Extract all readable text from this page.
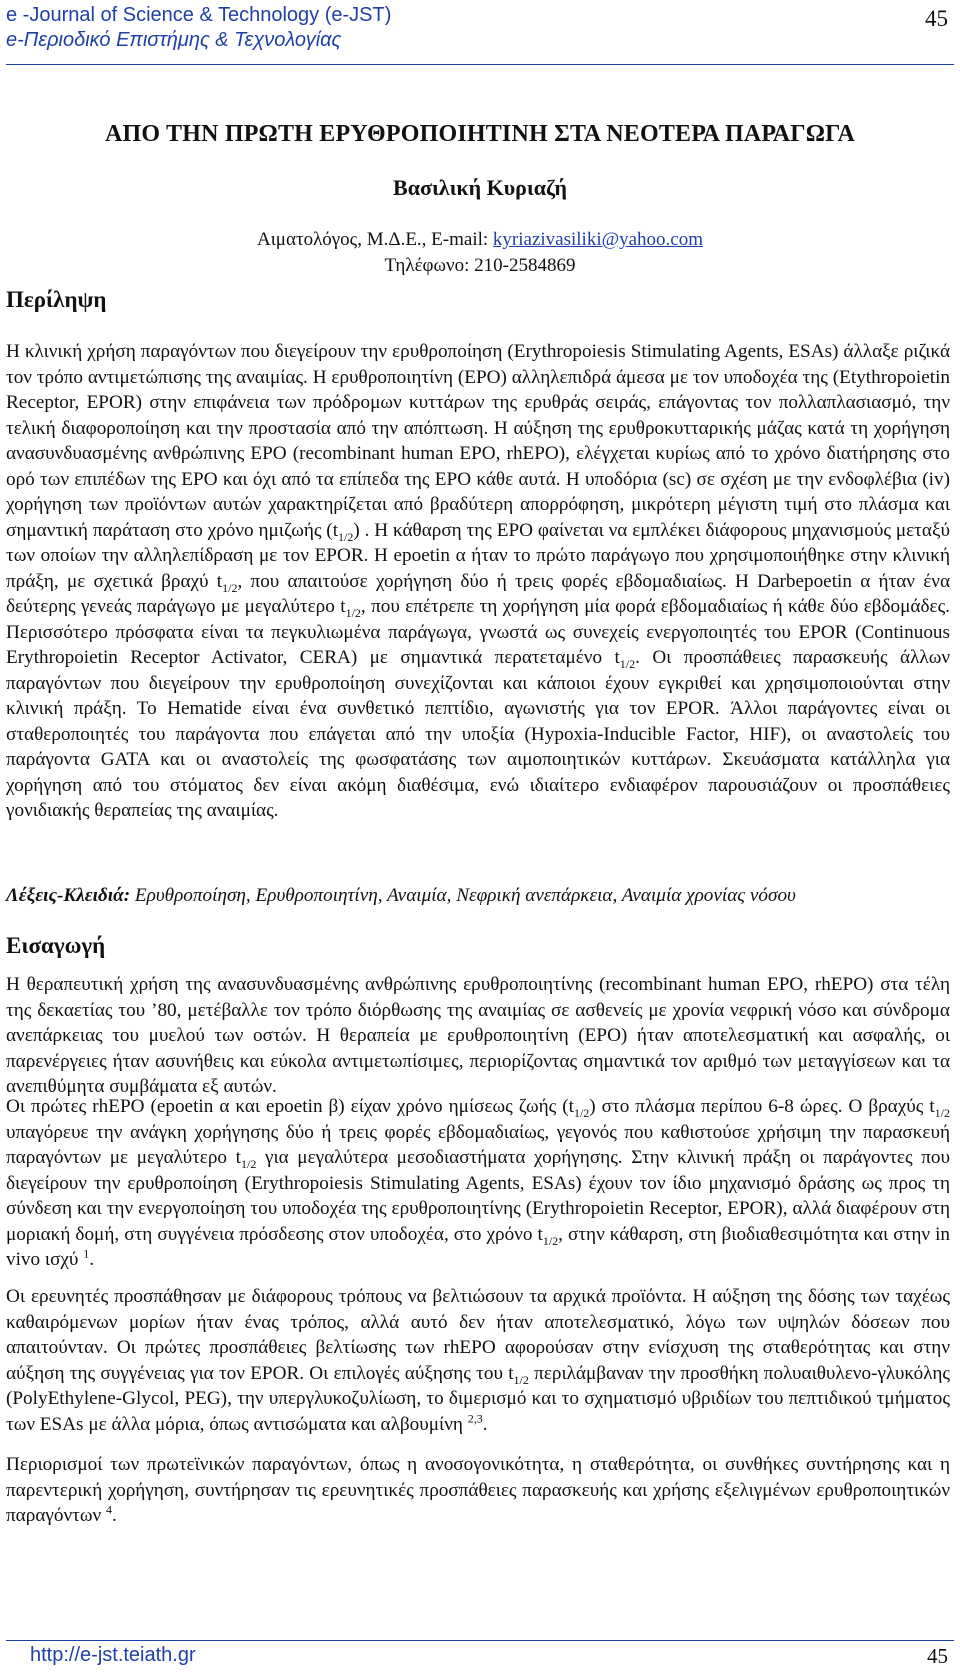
e -Journal of Science & Technology (e-JST)
e-Περιοδικό Επιστήμης & Τεχνολογίας
45
ΑΠΟ ΤΗΝ ΠΡΩΤΗ ΕΡΥΘΡΟΠΟΙΗΤΙΝΗ ΣΤΑ ΝΕΟΤΕΡΑ ΠΑΡΑΓΩΓΑ
Βασιλική Κυριαζή
Αιματολόγος, Μ.Δ.Ε., E-mail: kyriazivasiliki@yahoo.com
Τηλέφωνο: 210-2584869
Περίληψη

Η κλινική χρήση παραγόντων που διεγείρουν την ερυθροποίηση (Erythropoiesis Stimulating Agents, ESAs) άλλαξε ριζικά τον τρόπο αντιμετώπισης της αναιμίας. Η ερυθροποιητίνη (EPO) αλληλεπιδρά άμεσα με τον υποδοχέα της (Etythropoietin Receptor, EPOR) στην επιφάνεια των πρόδρομων κυττάρων της ερυθράς σειράς, επάγοντας τον πολλαπλασιασμό, την τελική διαφοροποίηση και την προστασία από την απόπτωση. Η αύξηση της ερυθροκυτταρικής μάζας κατά τη χορήγηση ανασυνδυασμένης ανθρώπινης EPO (recombinant human EPO, rhEPO), ελέγχεται κυρίως από το χρόνο διατήρησης στο ορό των επιπέδων της EPO και όχι από τα επίπεδα της EPO κάθε αυτά. Η υποδόρια (sc) σε σχέση με την ενδοφλέβια (iv) χορήγηση των προϊόντων αυτών χαρακτηρίζεται από βραδύτερη απορρόφηση, μικρότερη μέγιστη τιμή στο πλάσμα και σημαντική παράταση στο χρόνο ημιζωής $(t_{1/2})$ . Η κάθαρση της EPO φαίνεται να εμπλέκει διάφορους μηχανισμούς μεταξύ των οποίων την αλληλεπίδραση με τον EPOR. Η epoetin α ήταν το πρώτο παράγωγο που χρησιμοποιήθηκε στην κλινική πράξη, με σχετικά βραχύ $t_{1/2}$, που απαιτούσε χορήγηση δύο ή τρεις φορές εβδομαδιαίως. Η Darbepoetin α ήταν ένα δεύτερης γενεάς παράγωγο με μεγαλύτερο $t_{1/2}$, που επέτρεπε τη χορήγηση μία φορά εβδομαδιαίως ή κάθε δύο εβδομάδες. Περισσότερο πρόσφατα είναι τα πεγκυλιωμένα παράγωγα, γνωστά ως συνεχείς ενεργοποιητές του EPOR (Continuous Erythropoietin Receptor Activator, CERA) με σημαντικά περατεταμένο $t_{1/2}$. Οι προσπάθειες παρασκευής άλλων παραγόντων που διεγείρουν την ερυθροποίηση συνεχίζονται και κάποιοι έχουν εγκριθεί και χρησιμοποιούνται στην κλινική πράξη. Το Hematide είναι ένα συνθετικό πεπτίδιο, αγωνιστής για τον EPOR. Άλλοι παράγοντες είναι οι σταθεροποιητές του παράγοντα που επάγεται από την υποξία (Hypoxia-Inducible Factor, HIF), οι αναστολείς του παράγοντα GATA και οι αναστολείς της φωσφατάσης των αιμοποιητικών κυττάρων. Σκευάσματα κατάλληλα για χορήγηση από του στόματος δεν είναι ακόμη διαθέσιμα, ενώ ιδιαίτερο ενδιαφέρον παρουσιάζουν οι προσπάθειες γονιδιακής θεραπείας της αναιμίας.

Λέξεις-Κλειδιά: Ερυθροποίηση, Ερυθροποιητίνη, Αναιμία, Νεφρική ανεπάρκεια, Αναιμία χρονίας νόσου

Εισαγωγή

Η θεραπευτική χρήση της ανασυνδυασμένης ανθρώπινης ερυθροποιητίνης (recombinant human EPO, rhEPO) στα τέλη της δεκαετίας του ’80, μετέβαλλε τον τρόπο διόρθωσης της αναιμίας σε ασθενείς με χρονία νεφρική νόσο και σύνδρομα ανεπάρκειας του μυελού των οστών. Η θεραπεία με ερυθροποιητίνη (EPO) ήταν αποτελεσματική και ασφαλής, οι παρενέργειες ήταν ασυνήθεις και εύκολα αντιμετωπίσιμες, περιορίζοντας σημαντικά τον αριθμό των μεταγγίσεων και τα ανεπιθύμητα συμβάματα εξ αυτών.

Οι πρώτες rhEPO (epoetin α και epoetin β) είχαν χρόνο ημίσεως ζωής $(t_{1/2})$ στο πλάσμα περίπου 6-8 ώρες. Ο βραχύς $t_{1/2}$ υπαγόρευε την ανάγκη χορήγησης δύο ή τρεις φορές εβδομαδιαίως, γεγονός που καθιστούσε χρήσιμη την παρασκευή παραγόντων με μεγαλύτερο $t_{1/2}$ για μεγαλύτερα μεσοδιαστήματα χορήγησης. Στην κλινική πράξη οι παράγοντες που διεγείρουν την ερυθροποίηση (Erythropoiesis Stimulating Agents, ESAs) έχουν τον ίδιο μηχανισμό δράσης ως προς τη σύνδεση και την ενεργοποίηση του υποδοχέα της ερυθροποιητίνης (Erythropoietin Receptor, EPOR), αλλά διαφέρουν στη μοριακή δομή, στη συγγένεια πρόσδεσης στον υποδοχέα, στο χρόνο $t_{1/2}$, στην κάθαρση, στη βιοδιαθεσιμότητα και στην in vivo ισχύ $^1$.

Οι ερευνητές προσπάθησαν με διάφορους τρόπους να βελτιώσουν τα αρχικά προϊόντα. Η αύξηση της δόσης των ταχέως καθαιρόμενων μορίων ήταν ένας τρόπος, αλλά αυτό δεν ήταν αποτελεσματικό, λόγω των υψηλών δόσεων που απαιτούνταν. Οι πρώτες προσπάθειες βελτίωσης των rhEPO αφορούσαν στην ενίσχυση της σταθερότητας και στην αύξηση της συγγένειας για τον EPOR. Οι επιλογές αύξησης του $t_{1/2}$ περιλάμβαναν την προσθήκη πολυαιθυλενο-γλυκόλης (PolyEthylene-Glycol, PEG), την υπεργλυκοζυλίωση, το διμερισμό και το σχηματισμό υβριδίων του πεπτιδικού τμήματος των ESAs με άλλα μόρια, όπως αντισώματα και αλβουμίνη $^{2,3}$.

Περιορισμοί των πρωτεϊνικών παραγόντων, όπως η ανοσογονικότητα, η σταθερότητα, οι συνθήκες συντήρησης και η παρεντερική χορήγηση, συντήρησαν τις ερευνητικές προσπάθειες παρασκευής και χρήσης εξελιγμένων ερυθροποιητικών παραγόντων $^4$.

http://e-jst.teiath.gr	45
